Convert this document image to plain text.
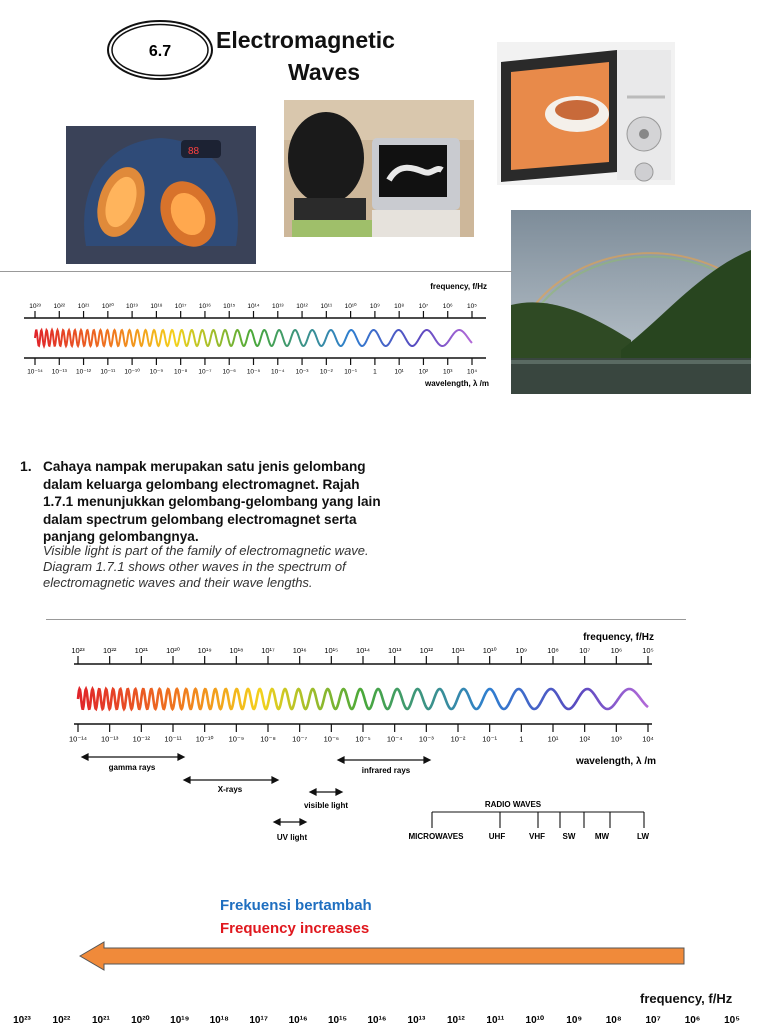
6.7 Electromagnetic
Waves
88
frequency, f/Hz
10²³ 10²² 10²¹ 10²⁰ 10¹⁹ 10¹⁸ 10¹⁷ 10¹⁶ 10¹⁵ 10¹⁴ 10¹³ 10¹² 10¹¹ 10¹⁰ 10⁹ 10⁸ 10⁷ 10⁶ 10⁵
10⁻¹⁴ 10⁻¹³ 10⁻¹² 10⁻¹¹ 10⁻¹⁰ 10⁻⁹ 10⁻⁸ 10⁻⁷ 10⁻⁶ 10⁻⁵ 10⁻⁴ 10⁻³ 10⁻² 10⁻¹ 1	10¹ 10² 10³ 10⁴
wavelength, λ /m
1. Cahaya nampak merupakan satu jenis gelombang dalam keluarga gelombang electromagnet. Rajah 1.7.1 menunjukkan gelombang-gelombang yang lain dalam spectrum gelombang electromagnet serta panjang gelombangnya.
Visible light is part of the family of electromagnetic wave. Diagram 1.7.1 shows other waves in the spectrum of electromagnetic waves and their wave lengths.
frequency, f/Hz
10²³ 10²² 10²¹ 10²⁰ 10¹⁹ 10¹⁸ 10¹⁷ 10¹⁶ 10¹⁵ 10¹⁴ 10¹³ 10¹² 10¹¹ 10¹⁰	10⁹	10⁸	10⁷	10⁶	10⁵
10⁻¹⁴ 10⁻¹³ 10⁻¹² 10⁻¹¹ 10⁻¹⁰ 10⁻⁹ 10⁻⁸ 10⁻⁷ 10⁻⁶ 10⁻⁵ 10⁻⁴ 10⁻³ 10⁻² 10⁻¹	1	10¹	10²	10³	10⁴
wavelength, λ /m
gamma rays
X-rays
visible light
UV light
infrared rays
RADIO WAVES
MICROWAVES	UHF	VHF SW MW	LW
Frekuensi bertambah
Frequency increases
frequency, f/Hz
10²³ 10²² 10²¹ 10²⁰ 10¹⁹ 10¹⁸ 10¹⁷ 10¹⁶ 10¹⁵ 10¹⁶ 10¹³ 10¹² 10¹¹ 10¹⁰ 10⁹ 10⁸ 10⁷ 10⁶ 10⁵
